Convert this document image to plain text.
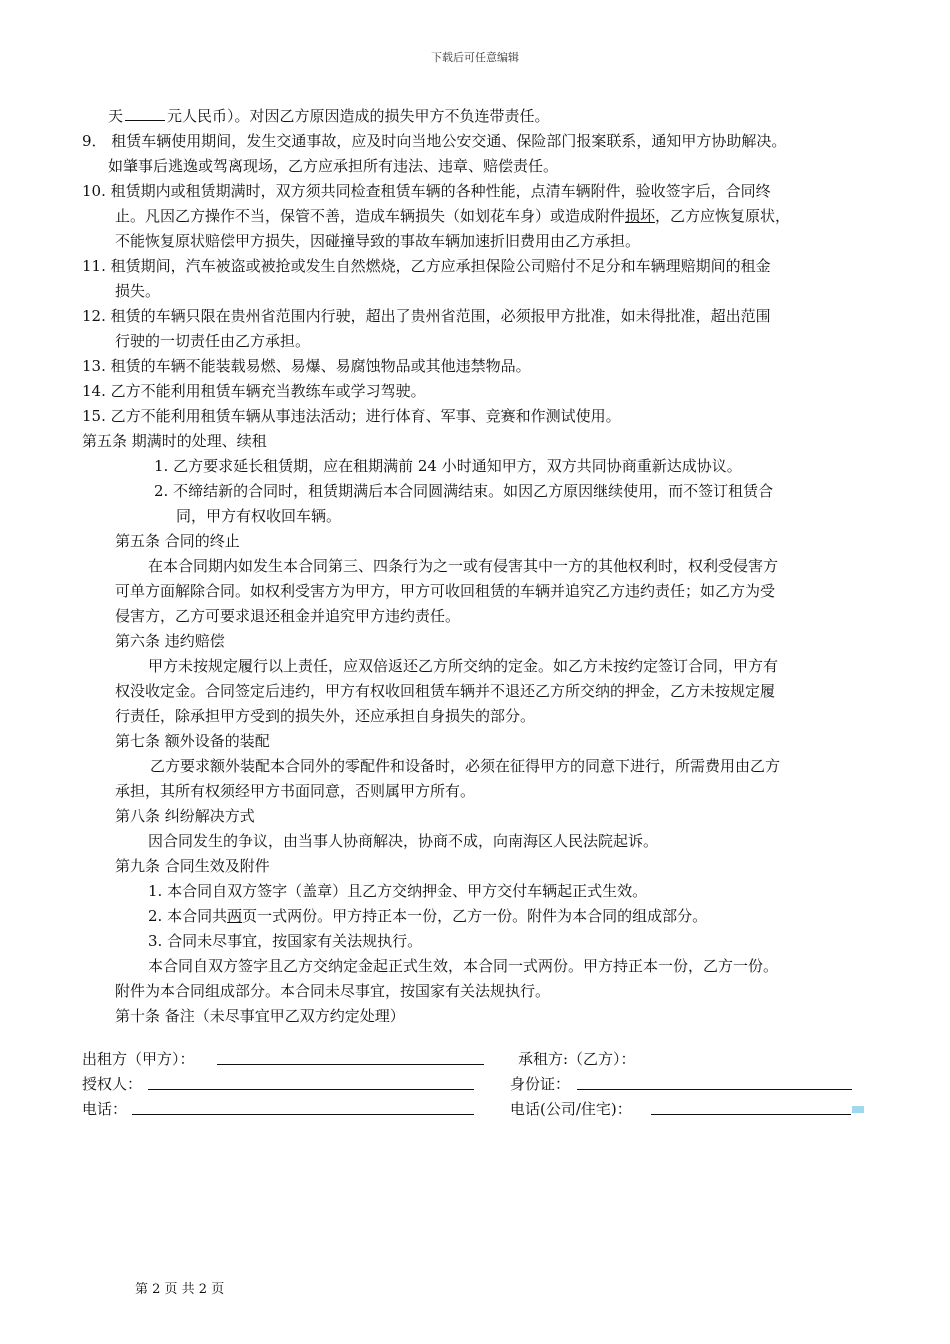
下载后可任意编辑
天	元人民币）。对因乙方原因造成的损失甲方不负连带责任。
9． 租赁车辆使用期间，发生交通事故，应及时向当地公安交通、保险部门报案联系，通知甲方协助解决。
如肇事后逃逸或驾离现场，乙方应承担所有违法、违章、赔偿责任。
10. 租赁期内或租赁期满时，双方须共同检查租赁车辆的各种性能，点清车辆附件，验收签字后，合同终
止。凡因乙方操作不当，保管不善，造成车辆损失（如划花车身）或造成附件损坏，乙方应恢复原状，
不能恢复原状赔偿甲方损失，因碰撞导致的事故车辆加速折旧费用由乙方承担。
11. 租赁期间，汽车被盗或被抢或发生自然燃烧，乙方应承担保险公司赔付不足分和车辆理赔期间的租金
损失。
12. 租赁的车辆只限在贵州省范围内行驶，超出了贵州省范围，必须报甲方批准，如未得批准，超出范围
行驶的一切责任由乙方承担。
13. 租赁的车辆不能装载易燃、易爆、易腐蚀物品或其他违禁物品。
14. 乙方不能利用租赁车辆充当教练车或学习驾驶。
15. 乙方不能利用租赁车辆从事违法活动；进行体育、军事、竞赛和作测试使用。
第五条 期满时的处理、续租
1. 乙方要求延长租赁期，应在租期满前 24 小时通知甲方，双方共同协商重新达成协议。
2. 不缔结新的合同时，租赁期满后本合同圆满结束。如因乙方原因继续使用，而不签订租赁合
同，甲方有权收回车辆。
第五条 合同的终止
在本合同期内如发生本合同第三、四条行为之一或有侵害其中一方的其他权利时，权利受侵害方
可单方面解除合同。如权利受害方为甲方，甲方可收回租赁的车辆并追究乙方违约责任；如乙方为受
侵害方，乙方可要求退还租金并追究甲方违约责任。
第六条 违约赔偿
甲方未按规定履行以上责任，应双倍返还乙方所交纳的定金。如乙方未按约定签订合同，甲方有
权没收定金。合同签定后违约，甲方有权收回租赁车辆并不退还乙方所交纳的押金，乙方未按规定履
行责任，除承担甲方受到的损失外，还应承担自身损失的部分。
第七条 额外设备的装配
乙方要求额外装配本合同外的零配件和设备时，必须在征得甲方的同意下进行，所需费用由乙方
承担，其所有权须经甲方书面同意，否则属甲方所有。
第八条 纠纷解决方式
因合同发生的争议，由当事人协商解决，协商不成，向南海区人民法院起诉。
第九条 合同生效及附件
1. 本合同自双方签字（盖章）且乙方交纳押金、甲方交付车辆起正式生效。
2. 本合同共两页一式两份。甲方持正本一份，乙方一份。附件为本合同的组成部分。
3. 合同未尽事宜，按国家有关法规执行。
本合同自双方签字且乙方交纳定金起正式生效，本合同一式两份。甲方持正本一份，乙方一份。
附件为本合同组成部分。本合同未尽事宜，按国家有关法规执行。
第十条 备注（未尽事宜甲乙双方约定处理）
出租方（甲方）：	承租方:（乙方）：
授权人：	身份证：
电话：	电话(公司/住宅)：
第 2 页 共 2 页
